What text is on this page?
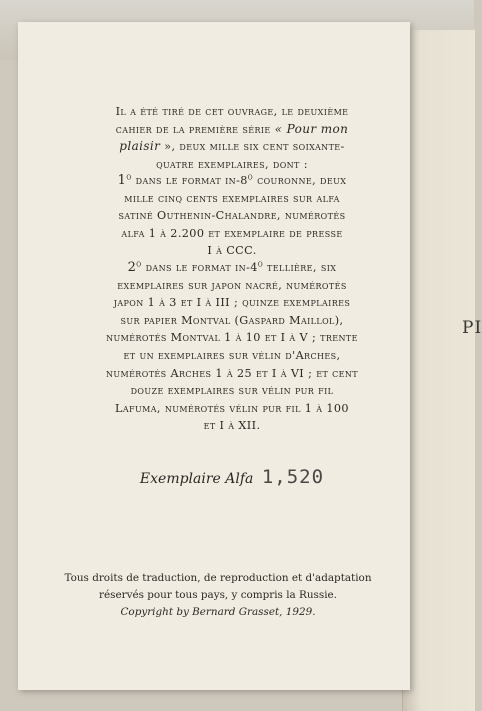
PI

Il a été tiré de cet ouvrage, le deuxième

cahier de la première série « Pour mon

plaisir », deux mille six cent soixante-

quatre exemplaires, dont :

1$^o$ dans le format in-8$^o$ couronne, deux

mille cinq cents exemplaires sur alfa

satiné Outhenin-Chalandre, numérotés

alfa 1 à 2.200 et exemplaire de presse

I à CCC.

2$^o$ dans le format in-4$^o$ tellière, six

exemplaires sur japon nacré, numérotés

japon 1 à 3 et I à III ; quinze exemplaires

sur papier Montval (Gaspard Maillol),

numérotés Montval 1 à 10 et I à V ; trente

et un exemplaires sur vélin d'Arches,

numérotés Arches 1 à 25 et I à VI ; et cent

douze exemplaires sur vélin pur fil

Lafuma, numérotés vélin pur fil 1 à 100

et I à XII.

Exemplaire Alfa 1,520

Tous droits de traduction, de reproduction et d'adaptation

réservés pour tous pays, y compris la Russie.

Copyright by Bernard Grasset, 1929.
